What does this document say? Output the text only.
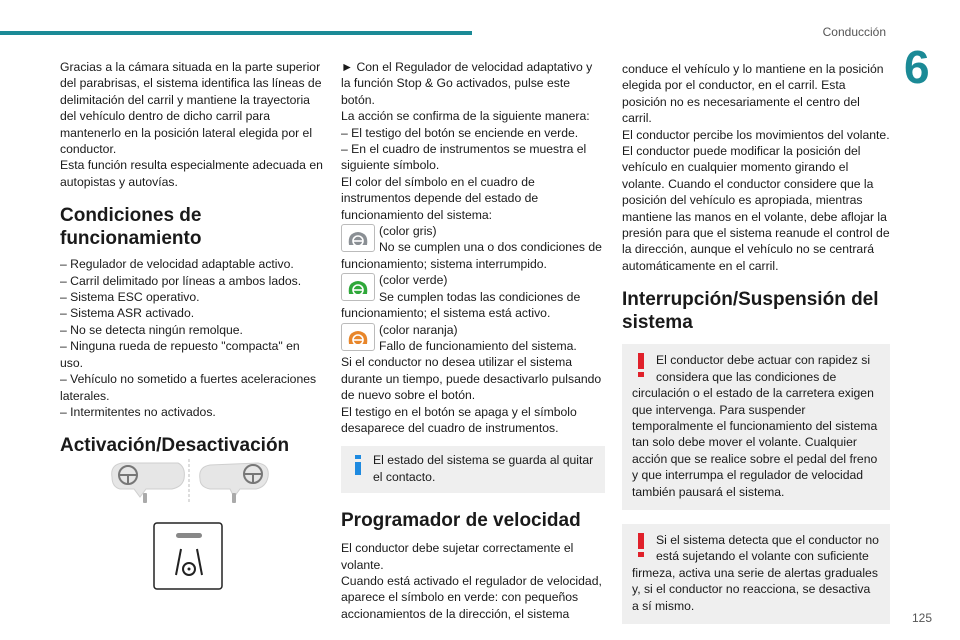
Conducción
6

Gracias a la cámara situada en la parte superior del parabrisas, el sistema identifica las líneas de delimitación del carril y mantiene la trayectoria del vehículo dentro de dicho carril para mantenerlo en la posición lateral elegida por el conductor.

Esta función resulta especialmente adecuada en autopistas y autovías.

Condiciones de funcionamiento

– Regulador de velocidad adaptable activo.

– Carril delimitado por líneas a ambos lados.

– Sistema ESC operativo.

– Sistema ASR activado.

– No se detecta ningún remolque.

– Ninguna rueda de repuesto "compacta" en uso.

– Vehículo no sometido a fuertes aceleraciones laterales.

– Intermitentes no activados.

Activación/Desactivación

► Con el Regulador de velocidad adaptativo y la función Stop & Go activados, pulse este botón.

La acción se confirma de la siguiente manera:

– El testigo del botón se enciende en verde.

– En el cuadro de instrumentos se muestra el siguiente símbolo.

El color del símbolo en el cuadro de instrumentos depende del estado de funcionamiento del sistema:

(color gris)

No se cumplen una o dos condiciones de

funcionamiento; sistema interrumpido.

(color verde)

Se cumplen todas las condiciones de

funcionamiento; el sistema está activo.

(color naranja)

Fallo de funcionamiento del sistema.

Si el conductor no desea utilizar el sistema durante un tiempo, puede desactivarlo pulsando de nuevo sobre el botón.

El testigo en el botón se apaga y el símbolo desaparece del cuadro de instrumentos.

El estado del sistema se guarda al quitar el contacto.

Programador de velocidad

El conductor debe sujetar correctamente el volante.

Cuando está activado el regulador de velocidad, aparece el símbolo en verde: con pequeños accionamientos de la dirección, el sistema

conduce el vehículo y lo mantiene en la posición elegida por el conductor, en el carril. Esta posición no es necesariamente el centro del carril.

El conductor percibe los movimientos del volante.

El conductor puede modificar la posición del vehículo en cualquier momento girando el volante. Cuando el conductor considere que la posición del vehículo es apropiada, mientras mantiene las manos en el volante, debe aflojar la presión para que el sistema reanude el control de la dirección, aunque el vehículo no se centrará automáticamente en el carril.

Interrupción/Suspensión del sistema

El conductor debe actuar con rapidez si considera que las condiciones de circulación o el estado de la carretera exigen que intervenga. Para suspender temporalmente el funcionamiento del sistema tan solo debe mover el volante. Cualquier acción que se realice sobre el pedal del freno y que interrumpa el regulador de velocidad también pausará el sistema.

Si el sistema detecta que el conductor no está sujetando el volante con suficiente firmeza, activa una serie de alertas graduales y, si el conductor no reacciona, se desactiva a sí mismo.

125
